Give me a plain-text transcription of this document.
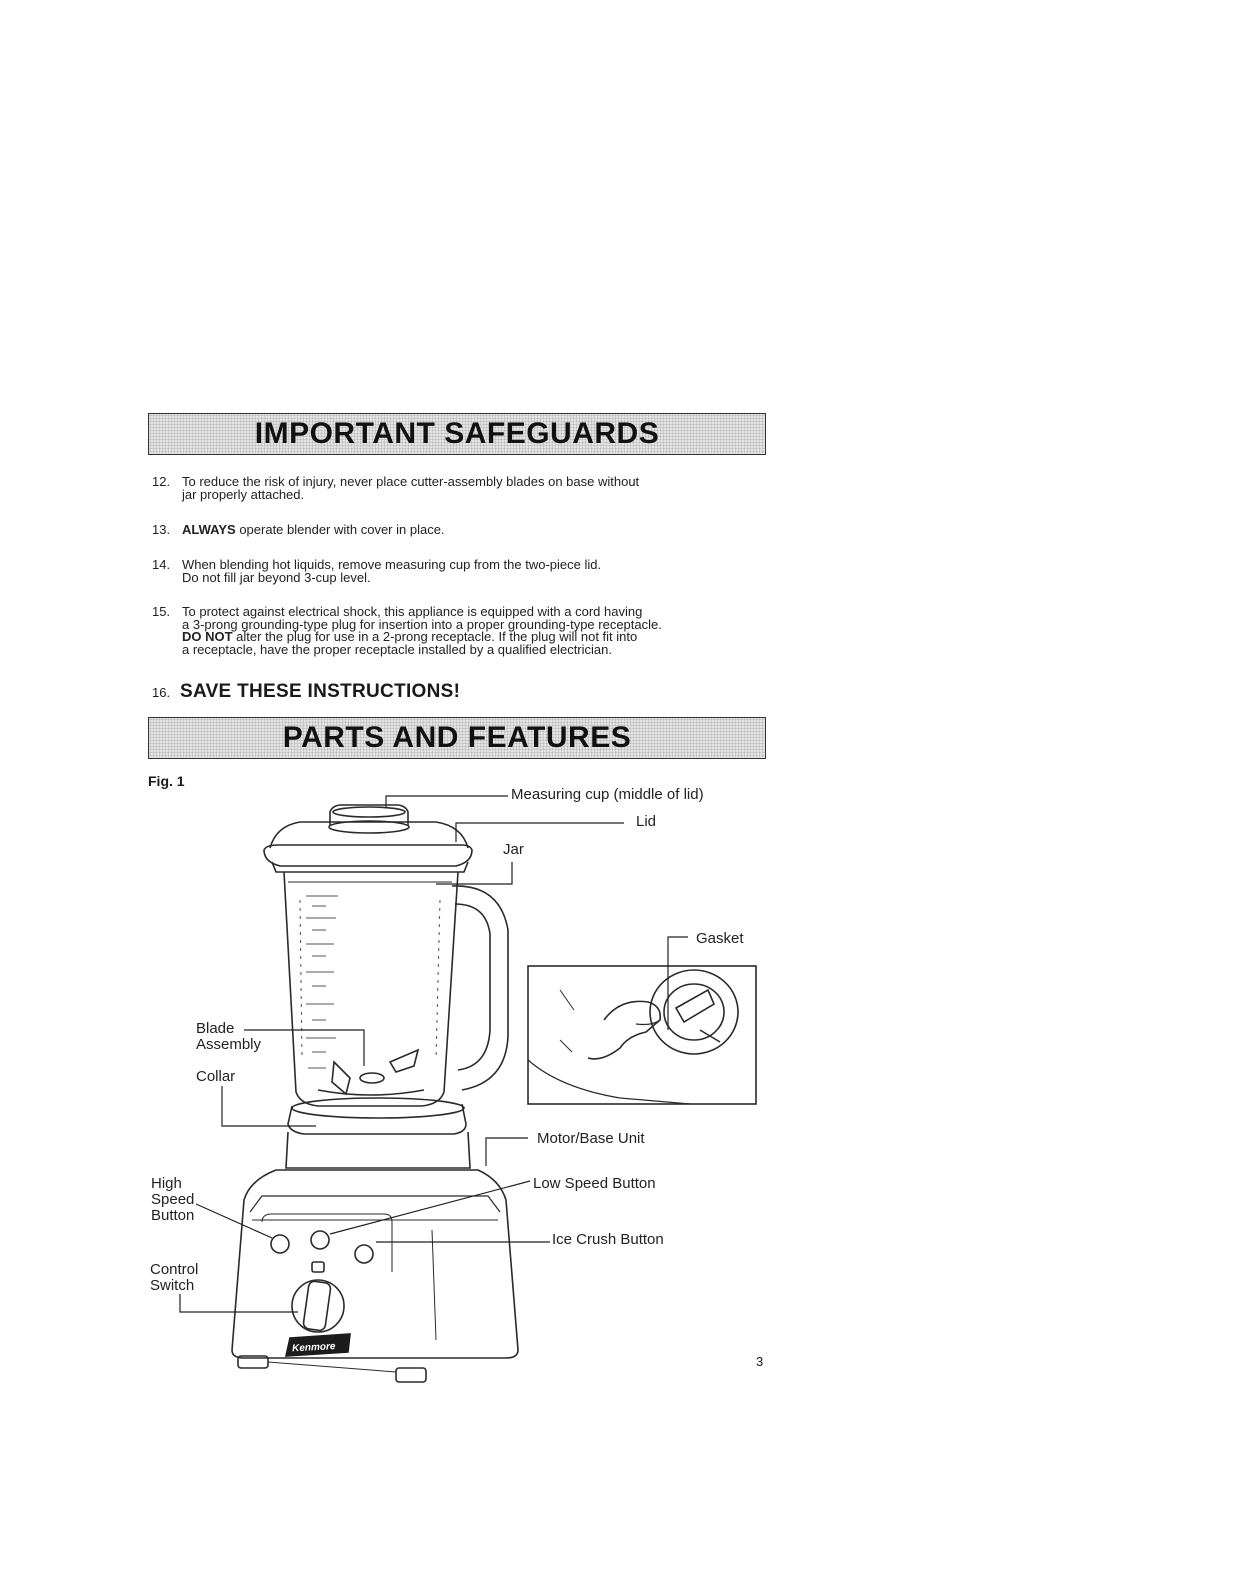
IMPORTANT SAFEGUARDS
12. To reduce the risk of injury, never place cutter-assembly blades on base without
jar properly attached.
13. ALWAYS operate blender with cover in place.
14. When blending hot liquids, remove measuring cup from the two-piece lid.
Do not fill jar beyond 3-cup level.
15. To protect against electrical shock, this appliance is equipped with a cord having
a 3-prong grounding-type plug for insertion into a proper grounding-type receptacle.
DO NOT alter the plug for use in a 2-prong receptacle. If the plug will not fit into
a receptacle, have the proper receptacle installed by a qualified electrician.
16. SAVE THESE INSTRUCTIONS!
PARTS AND FEATURES
Fig. 1
Kenmore
Measuring cup (middle of lid)
Lid
Jar
Gasket
Blade
Assembly
Collar
Motor/Base Unit
Low Speed Button
High
Speed
Button
Ice Crush Button
Control
Switch
3
